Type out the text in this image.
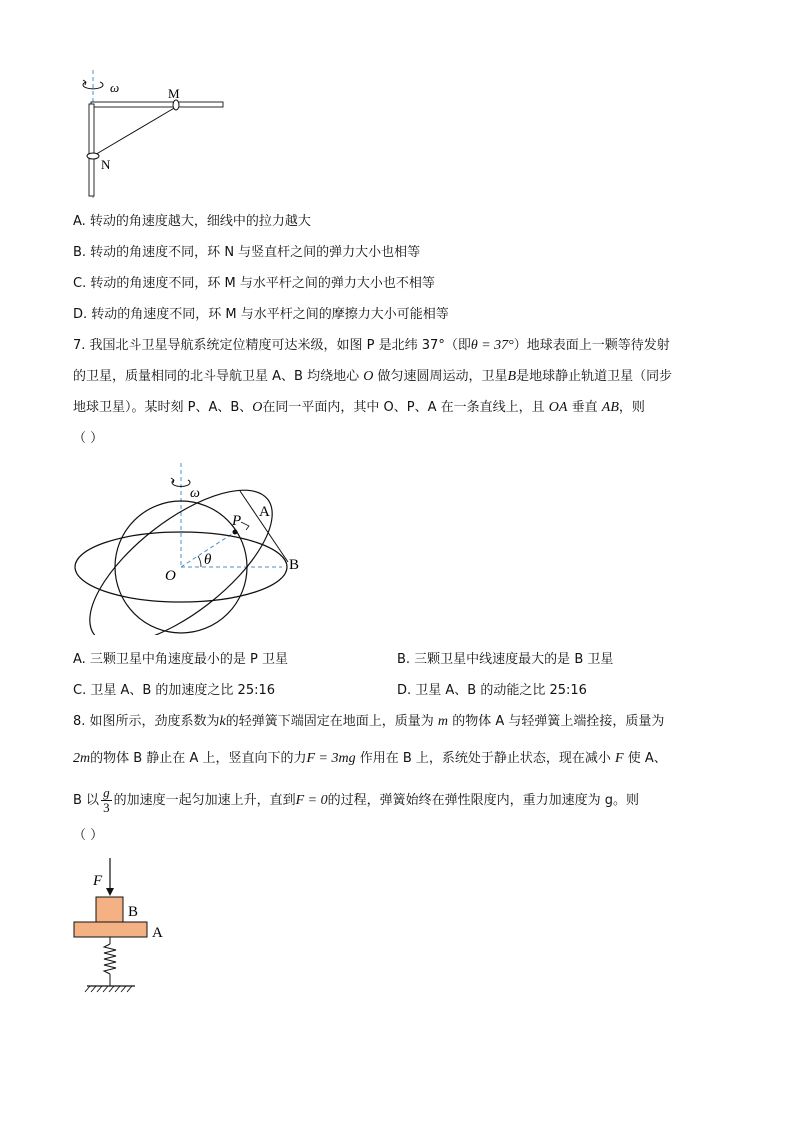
ω	M
N
A. 转动的角速度越大，细线中的拉力越大
B. 转动的角速度不同，环 N 与竖直杆之间的弹力大小也相等
C. 转动的角速度不同，环 M 与水平杆之间的弹力大小也不相等
D. 转动的角速度不同，环 M 与水平杆之间的摩擦力大小可能相等
7. 我国北斗卫星导航系统定位精度可达米级，如图 P 是北纬 37°（即θ = 37°）地球表面上一颗等待发射
的卫星，质量相同的北斗导航卫星 A、B 均绕地心 O 做匀速圆周运动，卫星B是地球静止轨道卫星（同步
地球卫星）。某时刻 P、A、B、O在同一平面内，其中 O、P、A 在一条直线上，且 OA 垂直 AB，则
（ ）
ω
P
A
θ
O
B
A. 三颗卫星中角速度最小的是 P 卫星	B. 三颗卫星中线速度最大的是 B 卫星
C. 卫星 A、B 的加速度之比 25:16	D. 卫星 A、B 的动能之比 25:16
8. 如图所示，劲度系数为k的轻弹簧下端固定在地面上，质量为 m 的物体 A 与轻弹簧上端拴接，质量为
2m的物体 B 静止在 A 上，竖直向下的力F = 3mg 作用在 B 上，系统处于静止状态，现在减小 F 使 A、
B 以 $\frac{g}{3}$ 的加速度一起匀加速上升，直到F = 0的过程，弹簧始终在弹性限度内，重力加速度为 g。则
（ ）
F
B
A
